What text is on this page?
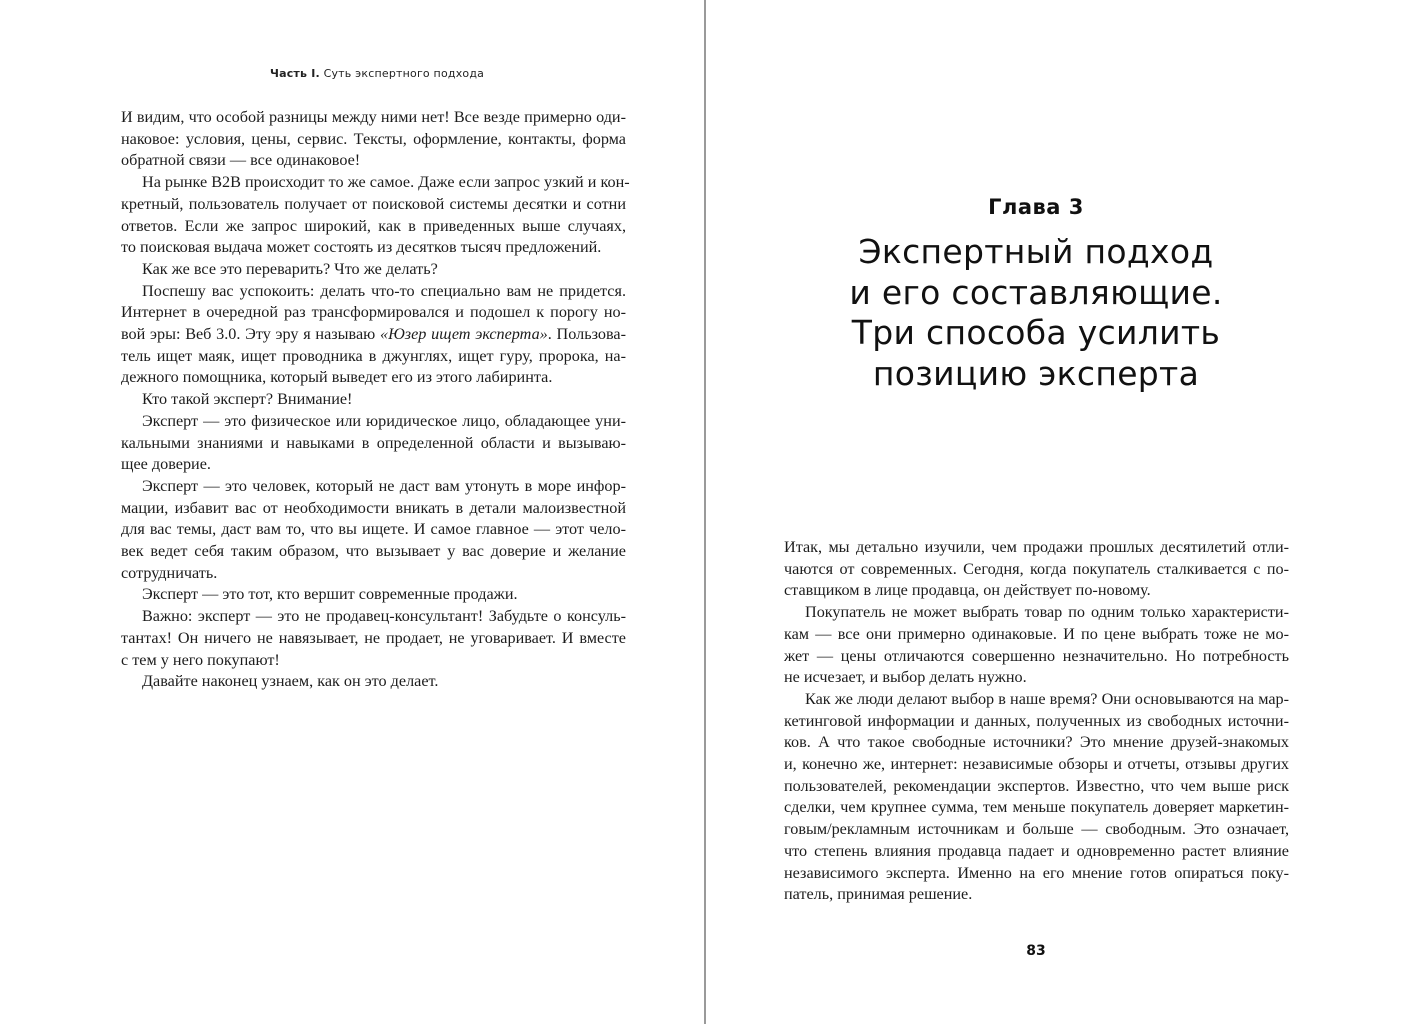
Часть I. Суть экспертного подхода
И видим, что особой разницы между ними нет! Все везде примерно оди-
наковое: условия, цены, сервис. Тексты, оформление, контакты, форма
обратной связи — все одинаковое!
На рынке B2B происходит то же самое. Даже если запрос узкий и кон-
кретный, пользователь получает от поисковой системы десятки и сотни
ответов. Если же запрос широкий, как в приведенных выше случаях,
то поисковая выдача может состоять из десятков тысяч предложений.
Как же все это переварить? Что же делать?
Поспешу вас успокоить: делать что-то специально вам не придется.
Интернет в очередной раз трансформировался и подошел к порогу но-
вой эры: Веб 3.0. Эту эру я называю «Юзер ищет эксперта». Пользова-
тель ищет маяк, ищет проводника в джунглях, ищет гуру, пророка, на-
дежного помощника, который выведет его из этого лабиринта.
Кто такой эксперт? Внимание!
Эксперт — это физическое или юридическое лицо, обладающее уни-
кальными знаниями и навыками в определенной области и вызываю-
щее доверие.
Эксперт — это человек, который не даст вам утонуть в море инфор-
мации, избавит вас от необходимости вникать в детали малоизвестной
для вас темы, даст вам то, что вы ищете. И самое главное — этот чело-
век ведет себя таким образом, что вызывает у вас доверие и желание
сотрудничать.
Эксперт — это тот, кто вершит современные продажи.
Важно: эксперт — это не продавец-консультант! Забудьте о консуль-
тантах! Он ничего не навязывает, не продает, не уговаривает. И вместе
с тем у него покупают!
Давайте наконец узнаем, как он это делает.
Глава 3
Экспертный подход
и его составляющие.
Три способа усилить
позицию эксперта
Итак, мы детально изучили, чем продажи прошлых десятилетий отли-
чаются от современных. Сегодня, когда покупатель сталкивается с по-
ставщиком в лице продавца, он действует по-новому.
Покупатель не может выбрать товар по одним только характеристи-
кам — все они примерно одинаковые. И по цене выбрать тоже не мо-
жет — цены отличаются совершенно незначительно. Но потребность
не исчезает, и выбор делать нужно.
Как же люди делают выбор в наше время? Они основываются на мар-
кетинговой информации и данных, полученных из свободных источни-
ков. А что такое свободные источники? Это мнение друзей-знакомых
и, конечно же, интернет: независимые обзоры и отчеты, отзывы других
пользователей, рекомендации экспертов. Известно, что чем выше риск
сделки, чем крупнее сумма, тем меньше покупатель доверяет маркетин-
говым/рекламным источникам и больше — свободным. Это означает,
что степень влияния продавца падает и одновременно растет влияние
независимого эксперта. Именно на его мнение готов опираться поку-
патель, принимая решение.
83
